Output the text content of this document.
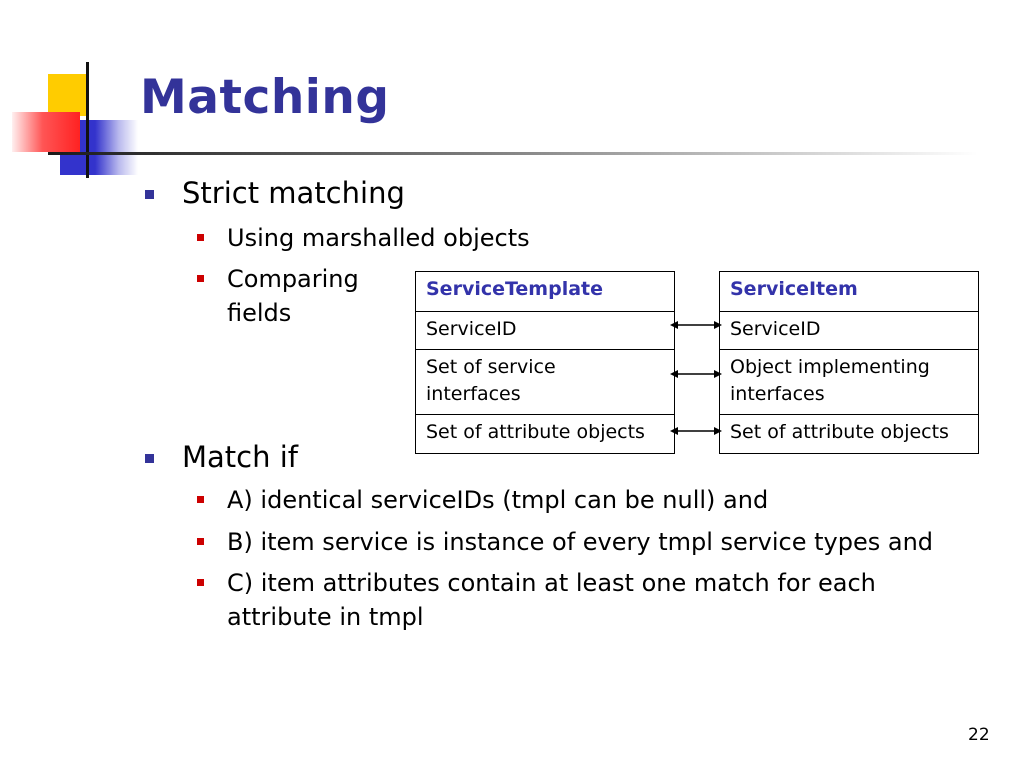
Matching
Strict matching
Using marshalled objects
Comparing
fields
Match if
A) identical serviceIDs (tmpl can be null) and
B) item service is instance of every tmpl service types and
C) item attributes contain at least one match for each
attribute in tmpl
ServiceTemplate
ServiceID
Set of service
interfaces
Set of attribute objects
ServiceItem
ServiceID
Object implementing
interfaces
Set of attribute objects
22
